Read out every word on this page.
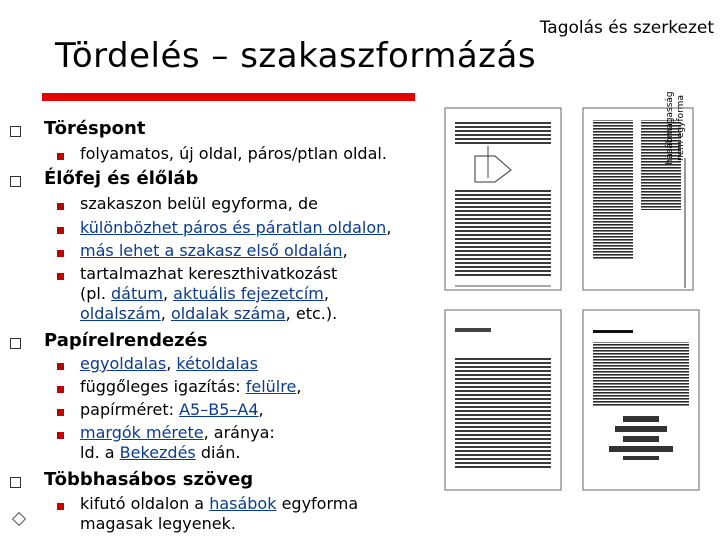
Tagolás és szerkezet
Tördelés – szakaszformázás
Töréspont
folyamatos, új oldal, páros/ptlan oldal.
Élőfej és élőláb
szakaszon belül egyforma, de
különbözhet páros és páratlan oldalon,
más lehet a szakasz első oldalán,
tartalmazhat kereszthivatkozást
(pl. dátum, aktuális fejezetcím,
oldalszám, oldalak száma, etc.).
Papírelrendezés
egyoldalas, kétoldalas
függőleges igazítás: felülre,
papírméret: A5–B5–A4,
margók mérete, aránya:
ld. a Bekezdés dián.
Többhasábos szöveg
kifutó oldalon a hasábok egyforma
magasak legyenek.
hasábmagasság nem egyforma
